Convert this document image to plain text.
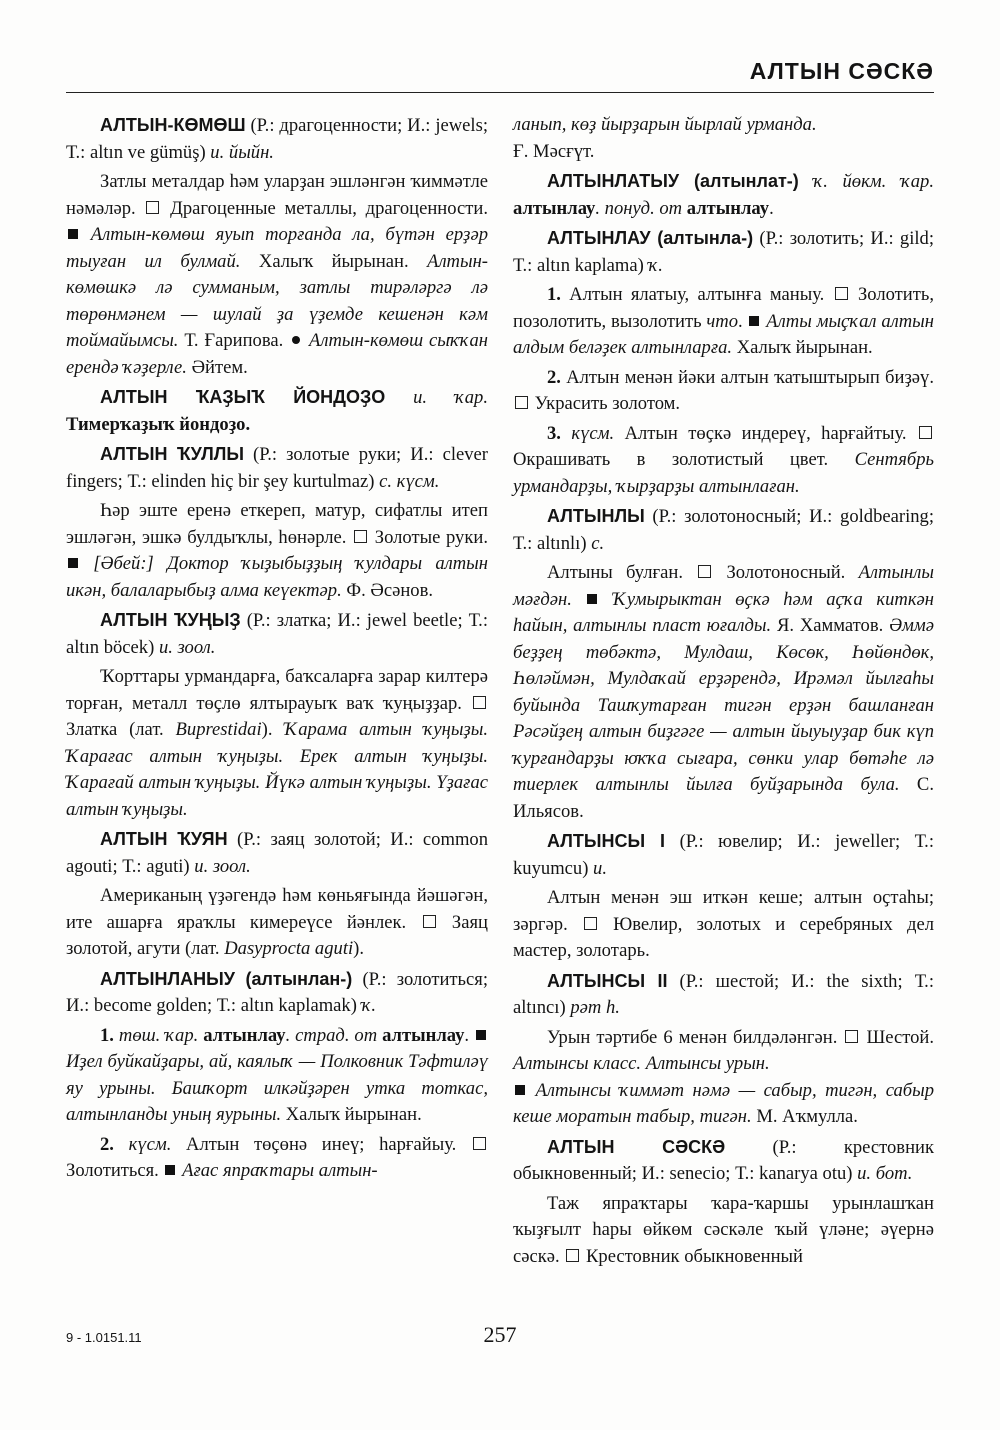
АЛТЫН СӘСКӘ

АЛТЫН-КӨМӨШ (Р.: драгоценности; И.: jewels; Т.: altın ve gümüş) и. йыйн.

Затлы металдар һәм уларҙан эшләнгән ҡиммәтле нәмәләр.  Драгоценные металлы, драгоценности.  Алтын-көмөш яуып торғанда ла, бүтән ерҙәр тыуған ил булмай. Халыҡ йырынан. Алтын-көмөшкә лә сумманым, затлы тирәләргә лә төрөнмәнем — шулай ҙа үҙемде кешенән кәм тоймайымсы. Т. Ғарипова.  Алтын-көмөш сыҡҡан ерендә ҡәҙерле. Әйтем.

АЛТЫН ҠАҘЫҠ ЙОНДОҘО и. ҡар. Тимерҡаҙыҡ йондоҙо.

АЛТЫН ҠУЛЛЫ (Р.: золотые руки; И.: clever fingers; Т.: elinden hiç bir şey kurtulmaz) с. күсм.

Һәр эште еренә еткереп, матур, сифатлы итеп эшләгән, эшкә булдыҡлы, һөнәрле.  Золотые руки.  [Әбей:] Доктор ҡыҙыбыҙҙың ҡулдары алтын икән, балаларыбыҙ алма кеүектәр. Ф. Әсәнов.

АЛТЫН ҠУҢЫҘ (Р.: златка; И.: jewel beetle; Т.: altın böcek) и. зоол.

Ҡорттары урмандарға, баҡсаларға зарар килтерә торған, металл төҫлө ялтырауыҡ ваҡ ҡуңыҙҙар.  Златка (лат. Buprestidai). Ҡарама алтын ҡуңыҙы. Ҡарағас алтын ҡуңыҙы. Ерек алтын ҡуңыҙы. Ҡарағай алтын ҡуңыҙы. Йүкә алтын ҡуңыҙы. Үҙағас алтын ҡуңыҙы.

АЛТЫН ҠУЯН (Р.: заяц золотой; И.: common agouti; Т.: aguti) и. зоол.

Американың үҙәгендә һәм көньяғында йәшәгән, ите ашарға яраҡлы кимереүсе йәнлек.  Заяц золотой, агути (лат. Dasyprocta aguti).

АЛТЫНЛАНЫУ (алтынлан-) (Р.: золотиться; И.: become golden; Т.: altın kaplamak) ҡ.

1. төш. ҡар. алтынлау. страд. от алтынлау.  Иҙел буйкайҙары, ай, каялыҡ — Полковник Тәфтиләү яу урыны. Башҡорт илкәйҙәрен утка тоткас, алтынланды уның яурыны. Халыҡ йырынан.

2. күсм. Алтын төҫөнә инеү; һарғайыу.  Золотиться.  Ағас япраҡтары алтын-

ланып, көҙ йырҙарын йырлай урманда.
Ғ. Мәсғүт.

АЛТЫНЛАТЫУ (алтынлат-) ҡ. йөкм. ҡар. алтынлау. понуд. от алтынлау.

АЛТЫНЛАУ (алтынла-) (Р.: золотить; И.: gild; Т.: altın kaplama) ҡ.

1. Алтын ялатыу, алтынға маныу.  Золотить, позолотить, вызолотить что.  Алты мыҫҡал алтын алдым беләҙек алтынларға. Халыҡ йырынан.

2. Алтын менән йәки алтын ҡатыштырып биҙәү.  Украсить золотом.

3. күсм. Алтын төҫкә индереү, һарғайтыу.  Окрашивать в золотистый цвет. Сентябрь урмандарҙы, ҡырҙарҙы алтынлаған.

АЛТЫНЛЫ (Р.: золотоносный; И.: goldbearing; Т.: altınlı) с.

Алтыны булған.  Золотоносный. Алтынлы мәғдән.  Ҡумырыктан өҫкә һәм аҫҡа киткән һайын, алтынлы пласт юғалды. Я. Хамматов. Әммә беҙҙең төбәктә, Мулдаш, Көсөк, Һөйөндөк, Һөләймән, Мулдаҡай ерҙәрендә, Ирәмәл йылғаһы буйында Ташҡутарған тигән ерҙән башланған Рәсәйҙең алтын биҙгәге — алтын йыуыуҙар бик күп ҡурғандарҙы юҡҡа сығара, сөнки улар бөтәһе лә тиерлек алтынлы йылға буйҙарында була. С. Ильясов.

АЛТЫНСЫ I (Р.: ювелир; И.: jeweller; Т.: kuyumcu) и.

Алтын менән эш иткән кеше; алтын оҫтаһы; зәргәр.  Ювелир, золотых и серебряных дел мастер, золотарь.

АЛТЫНСЫ II (Р.: шестой; И.: the sixth; Т.: altıncı) рәт һ.

Урын тәртибе 6 менән билдәләнгән.  Шестой. Алтынсы класс. Алтынсы урын.
Алтынсы ҡиммәт нәмә — сабыр, тигән, сабыр кеше моратын табыр, тигән. М. Аҡмулла.

АЛТЫН СӘСКӘ (Р.: крестовник обыкновенный; И.: senecio; Т.: kanarya otu) и. бот.

Таж япраҡтары ҡара-ҡаршы урынлашҡан ҡыҙғылт һары өйкөм сәскәле ҡый үләне; әүернә сәскә.  Крестовник обыкновенный

9 - 1.0151.11	257
